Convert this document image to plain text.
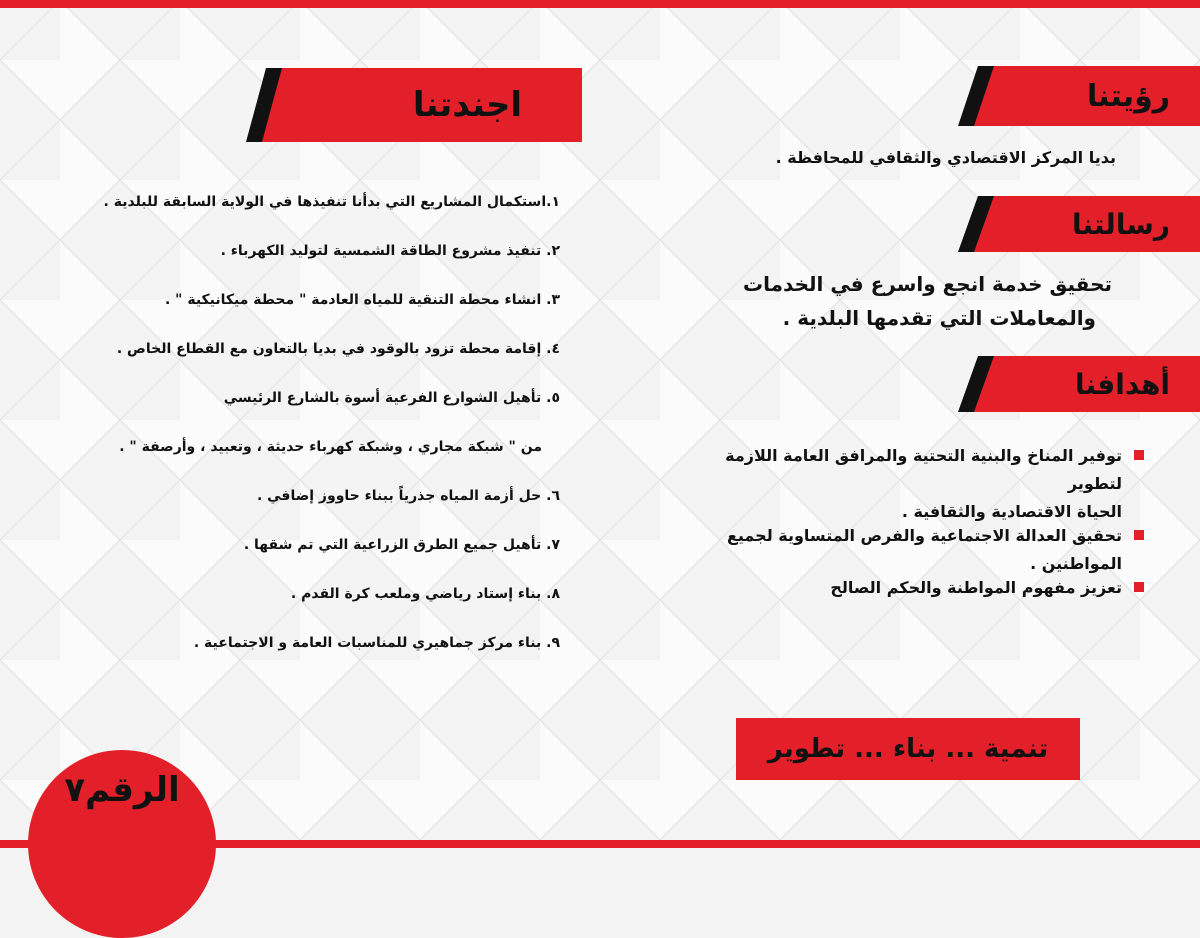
رؤيتنا
بديا المركز الاقتصادي والثقافي للمحافظة .
رسالتنا
تحقيق خدمة انجع واسرع في الخدمات
والمعاملات التي تقدمها البلدية .
أهدافنا
توفير المناخ والبنية التحتية والمرافق العامة اللازمة لتطوير
الحياة الاقتصادية والثقافية .
تحقيق العدالة الاجتماعية والفرص المتساوية لجميع المواطنين .
تعزيز مفهوم المواطنة والحكم الصالح
اجندتنا
١.استكمال المشاريع التي بدأنا تنفيذها في الولاية السابقة للبلدية .
٢. تنفيذ مشروع الطاقة الشمسية لتوليد الكهرباء .
٣. انشاء محطة التنقية للمياه العادمة " محطة ميكانيكية " .
٤. إقامة محطة تزود بالوقود في بديا بالتعاون مع القطاع الخاص .
٥. تأهيل الشوارع الفرعية أسوة بالشارع الرئيسي
من " شبكة مجاري ، وشبكة كهرباء حديثة ، وتعبيد ، وأرصفة " .
٦. حل أزمة المياه جذرياً ببناء حاووز إضافي .
٧. تأهيل جميع الطرق الزراعية التي تم شقها .
٨. بناء إستاد رياضي وملعب كرة القدم .
٩. بناء مركز جماهيري للمناسبات العامة و الاجتماعية .
تنمية ... بناء ... تطوير
الرقم٧
